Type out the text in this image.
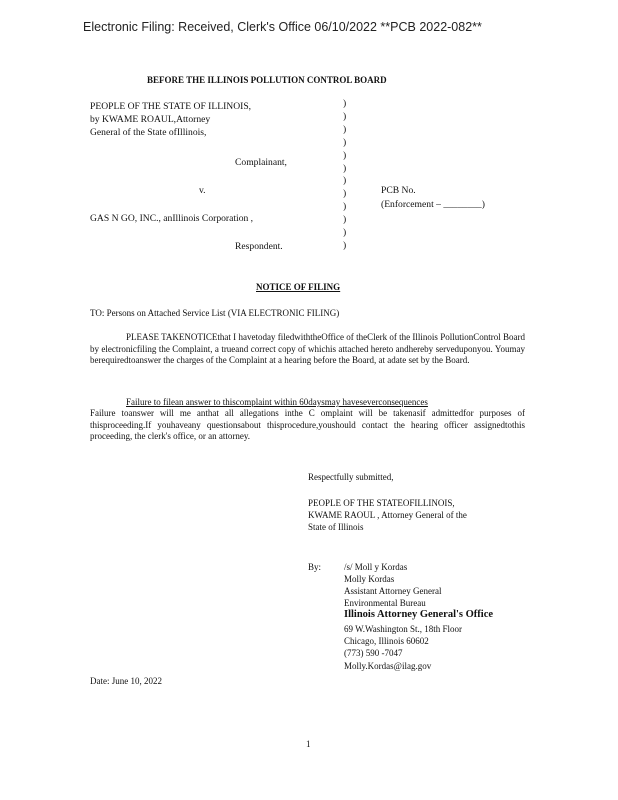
Electronic Filing: Received, Clerk's Office 06/10/2022 **PCB 2022-082**
BEFORE THE ILLINOIS POLLUTION CONTROL BOARD
PEOPLE OF THE STATE OF ILLINOIS,
by KWAME ROAUL,Attorney
General of the State ofIllinois,
Complainant,
v.
GAS N GO, INC., anIllinois Corporation ,
Respondent.
)
)
)
)
)
)
)
)
)
)
)
)
PCB No.
(Enforcement – ________)
NOTICE OF FILING
TO: Persons on Attached Service List (VIA ELECTRONIC FILING)
PLEASE TAKENOTICEthat I havetoday filedwiththeOffice of theClerk of the Illinois PollutionControl Board by electronicfiling the Complaint, a trueand correct copy of whichis attached hereto andhereby serveduponyou. Youmay berequiredtoanswer the charges of the Complaint at a hearing before the Board, at adate set by the Board.
Failure to filean answer to thiscomplaint within 60daysmay haveseverconsequences
Failure toanswer will me anthat all allegations inthe C omplaint will be takenasif admittedfor purposes of thisproceeding.If youhaveany questionsabout thisprocedure,youshould contact the hearing officer assignedtothis proceeding, the clerk's office, or an attorney.
Respectfully submitted,
PEOPLE OF THE STATEOFILLINOIS,
KWAME RAOUL , Attorney General of the
State of Illinois
By:	/s/ Moll y Kordas
Molly Kordas
Assistant Attorney General
Environmental Bureau
Illinois Attorney General's Office
69 W.Washington St., 18th Floor
Chicago, Illinois 60602
(773) 590 -7047
Molly.Kordas@ilag.gov
Date: June 10, 2022
1
